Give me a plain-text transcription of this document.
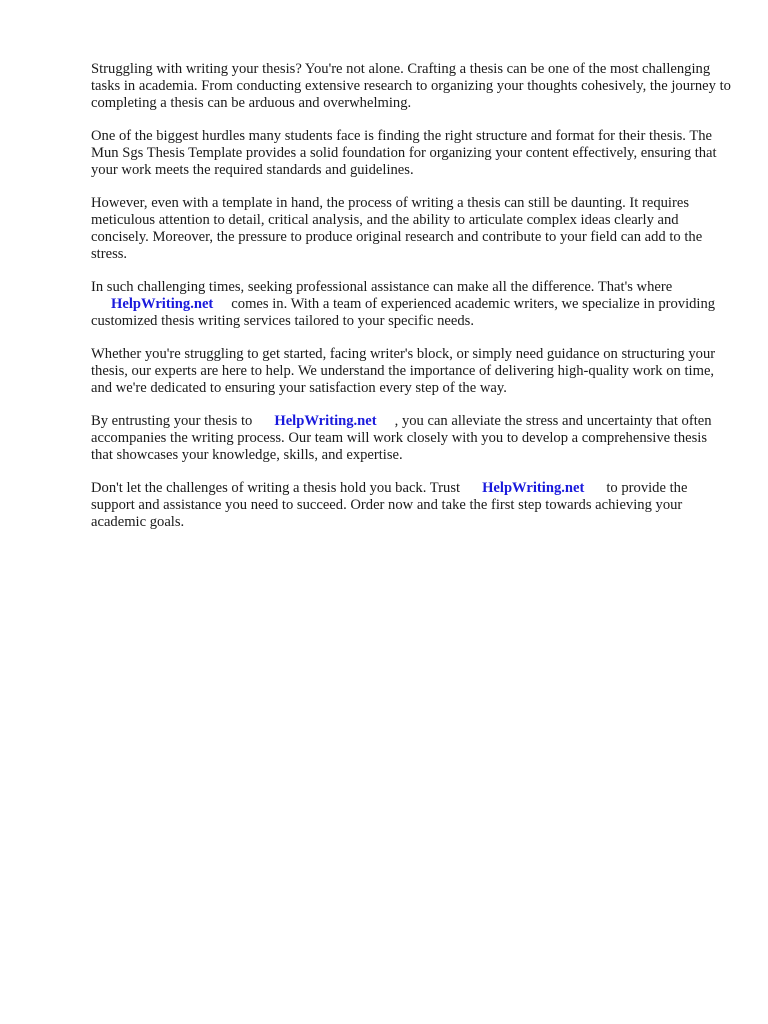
Struggling with writing your thesis? You're not alone. Crafting a thesis can be one of the most challenging tasks in academia. From conducting extensive research to organizing your thoughts cohesively, the journey to completing a thesis can be arduous and overwhelming.

One of the biggest hurdles many students face is finding the right structure and format for their thesis. The Mun Sgs Thesis Template provides a solid foundation for organizing your content effectively, ensuring that your work meets the required standards and guidelines.

However, even with a template in hand, the process of writing a thesis can still be daunting. It requires meticulous attention to detail, critical analysis, and the ability to articulate complex ideas clearly and concisely. Moreover, the pressure to produce original research and contribute to your field can add to the stress.

In such challenging times, seeking professional assistance can make all the difference. That's where
HelpWriting.net comes in. With a team of experienced academic writers, we specialize in providing customized thesis writing services tailored to your specific needs.

Whether you're struggling to get started, facing writer's block, or simply need guidance on structuring your thesis, our experts are here to help. We understand the importance of delivering high-quality work on time, and we're dedicated to ensuring your satisfaction every step of the way.

By entrusting your thesis to HelpWriting.net , you can alleviate the stress and uncertainty that often accompanies the writing process. Our team will work closely with you to develop a comprehensive thesis that showcases your knowledge, skills, and expertise.

Don't let the challenges of writing a thesis hold you back. Trust HelpWriting.net to provide the support and assistance you need to succeed. Order now and take the first step towards achieving your academic goals.
